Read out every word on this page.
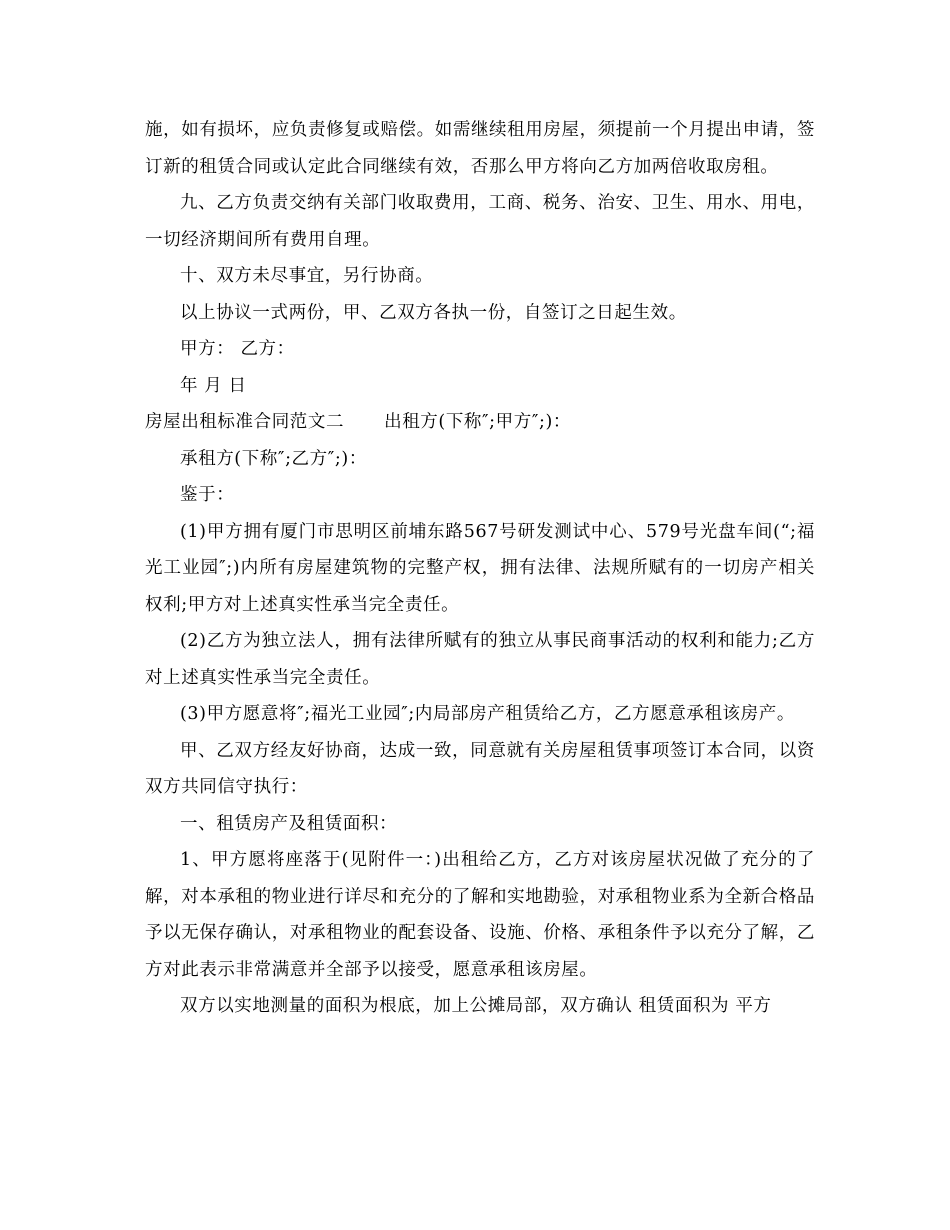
施，如有损坏，应负责修复或赔偿。如需继续租用房屋，须提前一个月提出申请，签订新的租赁合同或认定此合同继续有效，否那么甲方将向乙方加两倍收取房租。

九、乙方负责交纳有关部门收取费用，工商、税务、治安、卫生、用水、用电，一切经济期间所有费用自理。

十、双方未尽事宜，另行协商。

以上协议一式两份，甲、乙双方各执一份，自签订之日起生效。

甲方： 乙方：

年 月 日

房屋出租标准合同范文二 出租方(下称″;甲方″;)：

承租方(下称″;乙方″;)：

鉴于：

(1)甲方拥有厦门市思明区前埔东路567号研发测试中心、579号光盘车间(“;福光工业园″;)内所有房屋建筑物的完整产权，拥有法律、法规所赋有的一切房产相关权利;甲方对上述真实性承当完全责任。

(2)乙方为独立法人，拥有法律所赋有的独立从事民商事活动的权利和能力;乙方对上述真实性承当完全责任。

(3)甲方愿意将″;福光工业园″;内局部房产租赁给乙方，乙方愿意承租该房产。

甲、乙双方经友好协商，达成一致，同意就有关房屋租赁事项签订本合同，以资双方共同信守执行：

一、租赁房产及租赁面积：

1、甲方愿将座落于(见附件一：)出租给乙方，乙方对该房屋状况做了充分的了解，对本承租的物业进行详尽和充分的了解和实地勘验，对承租物业系为全新合格品予以无保存确认，对承租物业的配套设备、设施、价格、承租条件予以充分了解，乙方对此表示非常满意并全部予以接受，愿意承租该房屋。

双方以实地测量的面积为根底，加上公摊局部，双方确认 租赁面积为 平方
